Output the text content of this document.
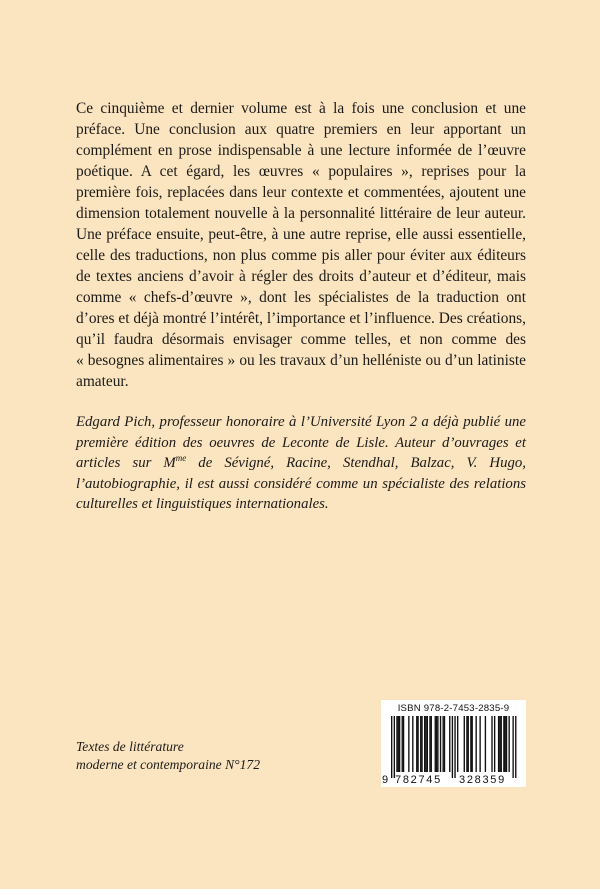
Ce cinquième et dernier volume est à la fois une conclusion et une préface. Une conclusion aux quatre premiers en leur apportant un complément en prose indispensable à une lecture informée de l’œuvre poétique. A cet égard, les œuvres « populaires », reprises pour la première fois, replacées dans leur contexte et commentées, ajoutent une dimension totalement nouvelle à la personnalité littéraire de leur auteur. Une préface ensuite, peut-être, à une autre reprise, elle aussi essentielle, celle des traductions, non plus comme pis aller pour éviter aux éditeurs de textes anciens d’avoir à régler des droits d’auteur et d’éditeur, mais comme « chefs-d’œuvre », dont les spécialistes de la traduction ont d’ores et déjà montré l’intérêt, l’importance et l’influence. Des créations, qu’il faudra désormais envisager comme telles, et non comme des « besognes alimentaires » ou les travaux d’un helléniste ou d’un latiniste amateur.
Edgard Pich, professeur honoraire à l’Université Lyon 2 a déjà publié une première édition des oeuvres de Leconte de Lisle. Auteur d’ouvrages et articles sur $M^{me}$ de Sévigné, Racine, Stendhal, Balzac, V. Hugo, l’autobiographie, il est aussi considéré comme un spécialiste des relations culturelles et linguistiques internationales.
Textes de littérature
moderne et contemporaine N°172
ISBN 978-2-7453-2835-9
9 782745 328359
